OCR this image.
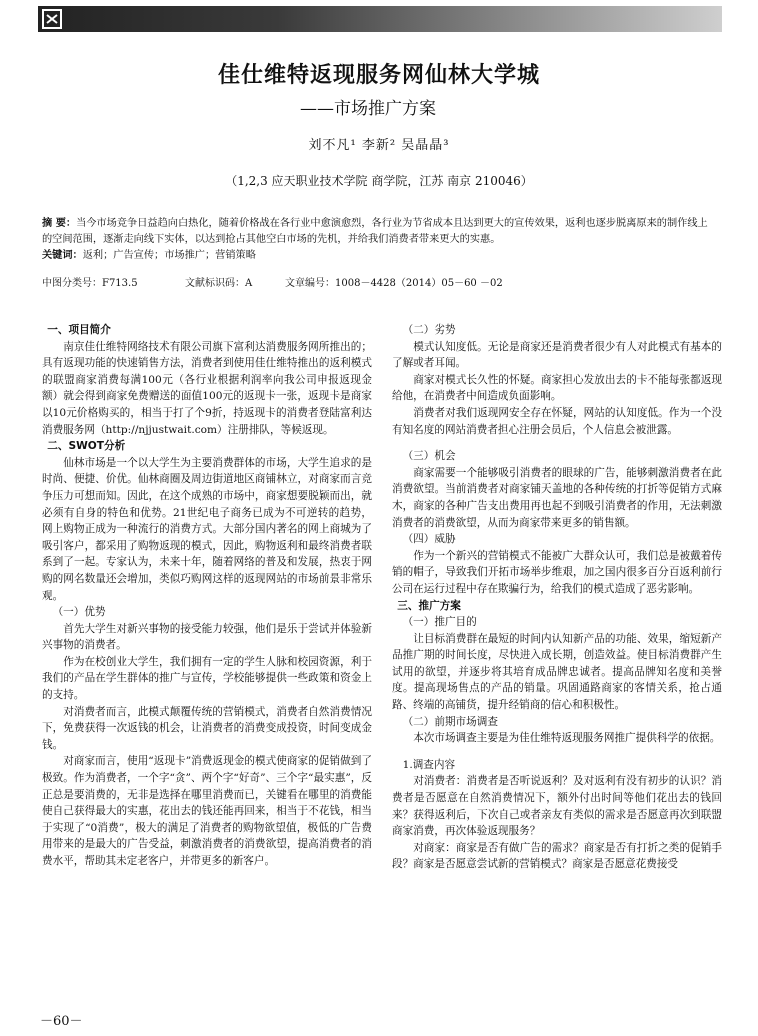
佳仕维特返现服务网仙林大学城
——市场推广方案
刘不凡¹ 李新² 吴晶晶³
（1,2,3 应天职业技术学院 商学院，江苏 南京 210046）
摘 要：当今市场竞争日益趋向白热化，随着价格战在各行业中愈演愈烈，各行业为节省成本且达到更大的宣传效果，返利也逐步脱离原来的制作线上的空间范围，逐渐走向线下实体，以达到抢占其他空白市场的先机，并给我们消费者带来更大的实惠。
关键词：返利；广告宣传；市场推广；营销策略
中图分类号：F713.5	文献标识码：A	文章编号：1008－4428（2014）05－60 －02

一、项目简介

南京佳仕维特网络技术有限公司旗下富利达消费服务网所推出的；具有返现功能的快速销售方法，消费者到使用佳仕维特推出的返利模式的联盟商家消费每满100元（各行业根据利润率向我公司申报返现金额）就会得到商家免费赠送的面值100元的返现卡一张，返现卡是商家以10元价格购买的，相当于打了个9折，持返现卡的消费者登陆富利达消费服务网（http://njjustwait.com）注册排队，等候返现。

二、SWOT分析

仙林市场是一个以大学生为主要消费群体的市场，大学生追求的是时尚、便捷、价优。仙林商圈及周边街道地区商铺林立，对商家而言竞争压力可想而知。因此，在这个成熟的市场中，商家想要脱颖而出，就必须有自身的特色和优势。21世纪电子商务已成为不可逆转的趋势，网上购物正成为一种流行的消费方式。大部分国内著名的网上商城为了吸引客户，都采用了购物返现的模式，因此，购物返利和最终消费者联系到了一起。专家认为，未来十年，随着网络的普及和发展，热衷于网购的网名数量还会增加，类似巧购网这样的返现网站的市场前景非常乐观。

（一）优势

首先大学生对新兴事物的接受能力较强，他们是乐于尝试并体验新兴事物的消费者。

作为在校创业大学生，我们拥有一定的学生人脉和校园资源，利于我们的产品在学生群体的推广与宣传，学校能够提供一些政策和资金上的支持。

对消费者而言，此模式颠覆传统的营销模式，消费者自然消费情况下，免费获得一次返钱的机会，让消费者的消费变成投资，时间变成金钱。

对商家而言，使用“返现卡”消费返现金的模式使商家的促销做到了极致。作为消费者，一个字“贪”、两个字“好奇”、三个字“最实惠”，反正总是要消费的，无非是选择在哪里消费而已，关键看在哪里的消费能使自己获得最大的实惠，花出去的钱还能再回来，相当于不花钱，相当于实现了“0消费”，极大的满足了消费者的购物欲望值，极低的广告费用带来的是最大的广告受益，刺激消费者的消费欲望，提高消费者的消费水平，帮助其未定老客户，并带更多的新客户。

（二）劣势

模式认知度低。无论是商家还是消费者很少有人对此模式有基本的了解或者耳闻。

商家对模式长久性的怀疑。商家担心发放出去的卡不能每张都返现给他，在消费者中间造成负面影响。

消费者对我们返现网安全存在怀疑，网站的认知度低。作为一个没有知名度的网站消费者担心注册会员后，个人信息会被泄露。

（三）机会

商家需要一个能够吸引消费者的眼球的广告，能够刺激消费者在此消费欲望。当前消费者对商家铺天盖地的各种传统的打折等促销方式麻木，商家的各种广告支出费用再也起不到吸引消费者的作用，无法刺激消费者的消费欲望，从而为商家带来更多的销售额。

（四）威胁

作为一个新兴的营销模式不能被广大群众认可，我们总是被戴着传销的帽子，导致我们开拓市场举步维艰，加之国内很多百分百返利前行公司在运行过程中存在欺骗行为，给我们的模式造成了恶劣影响。

三、推广方案

（一）推广目的

让目标消费群在最短的时间内认知新产品的功能、效果，缩短新产品推广期的时间长度，尽快进入成长期，创造效益。使目标消费群产生试用的欲望，并逐步将其培育成品牌忠诚者。提高品牌知名度和美誉度。提高现场售点的产品的销量。巩固通路商家的客情关系，抢占通路、终端的高铺货，提升经销商的信心和积极性。

（二）前期市场调查

本次市场调查主要是为佳仕维特返现服务网推广提供科学的依据。

1.调查内容

对消费者：消费者是否听说返利？及对返利有没有初步的认识？消费者是否愿意在自然消费情况下，额外付出时间等他们花出去的钱回来？获得返利后，下次自己或者亲友有类似的需求是否愿意再次到联盟商家消费，再次体验返现服务？

对商家：商家是否有做广告的需求？商家是否有打折之类的促销手段？商家是否愿意尝试新的营销模式？商家是否愿意花费接受

－60－
